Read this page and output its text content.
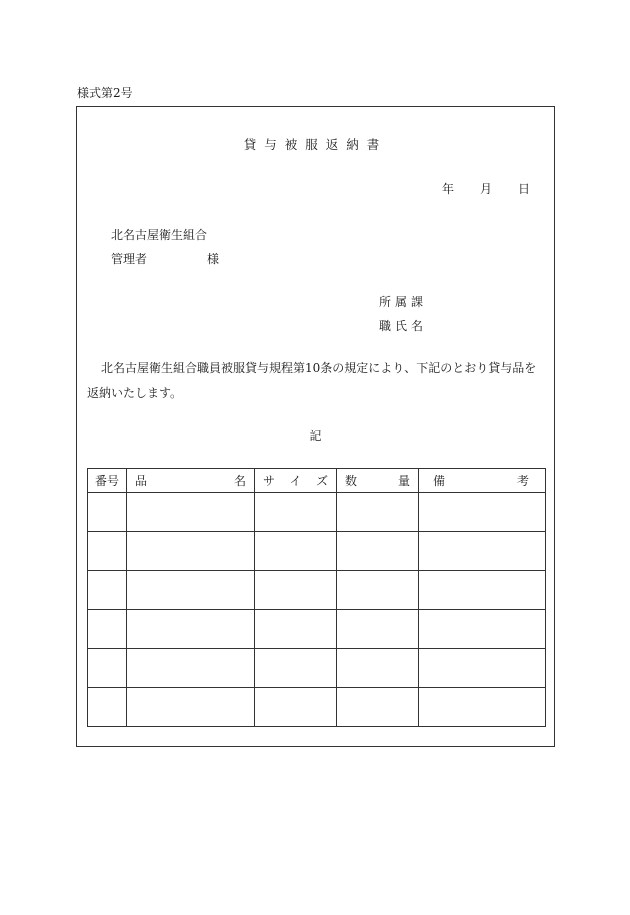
様式第2号
貸与被服返納書
年 月 日
北名古屋衛生組合
管理者	様
所属課
職氏名
北名古屋衛生組合職員被服貸与規程第10条の規定により、下記のとおり貸与品を返納いたします。
記
番号	品 名	サ イ ズ	数 量	備 考
